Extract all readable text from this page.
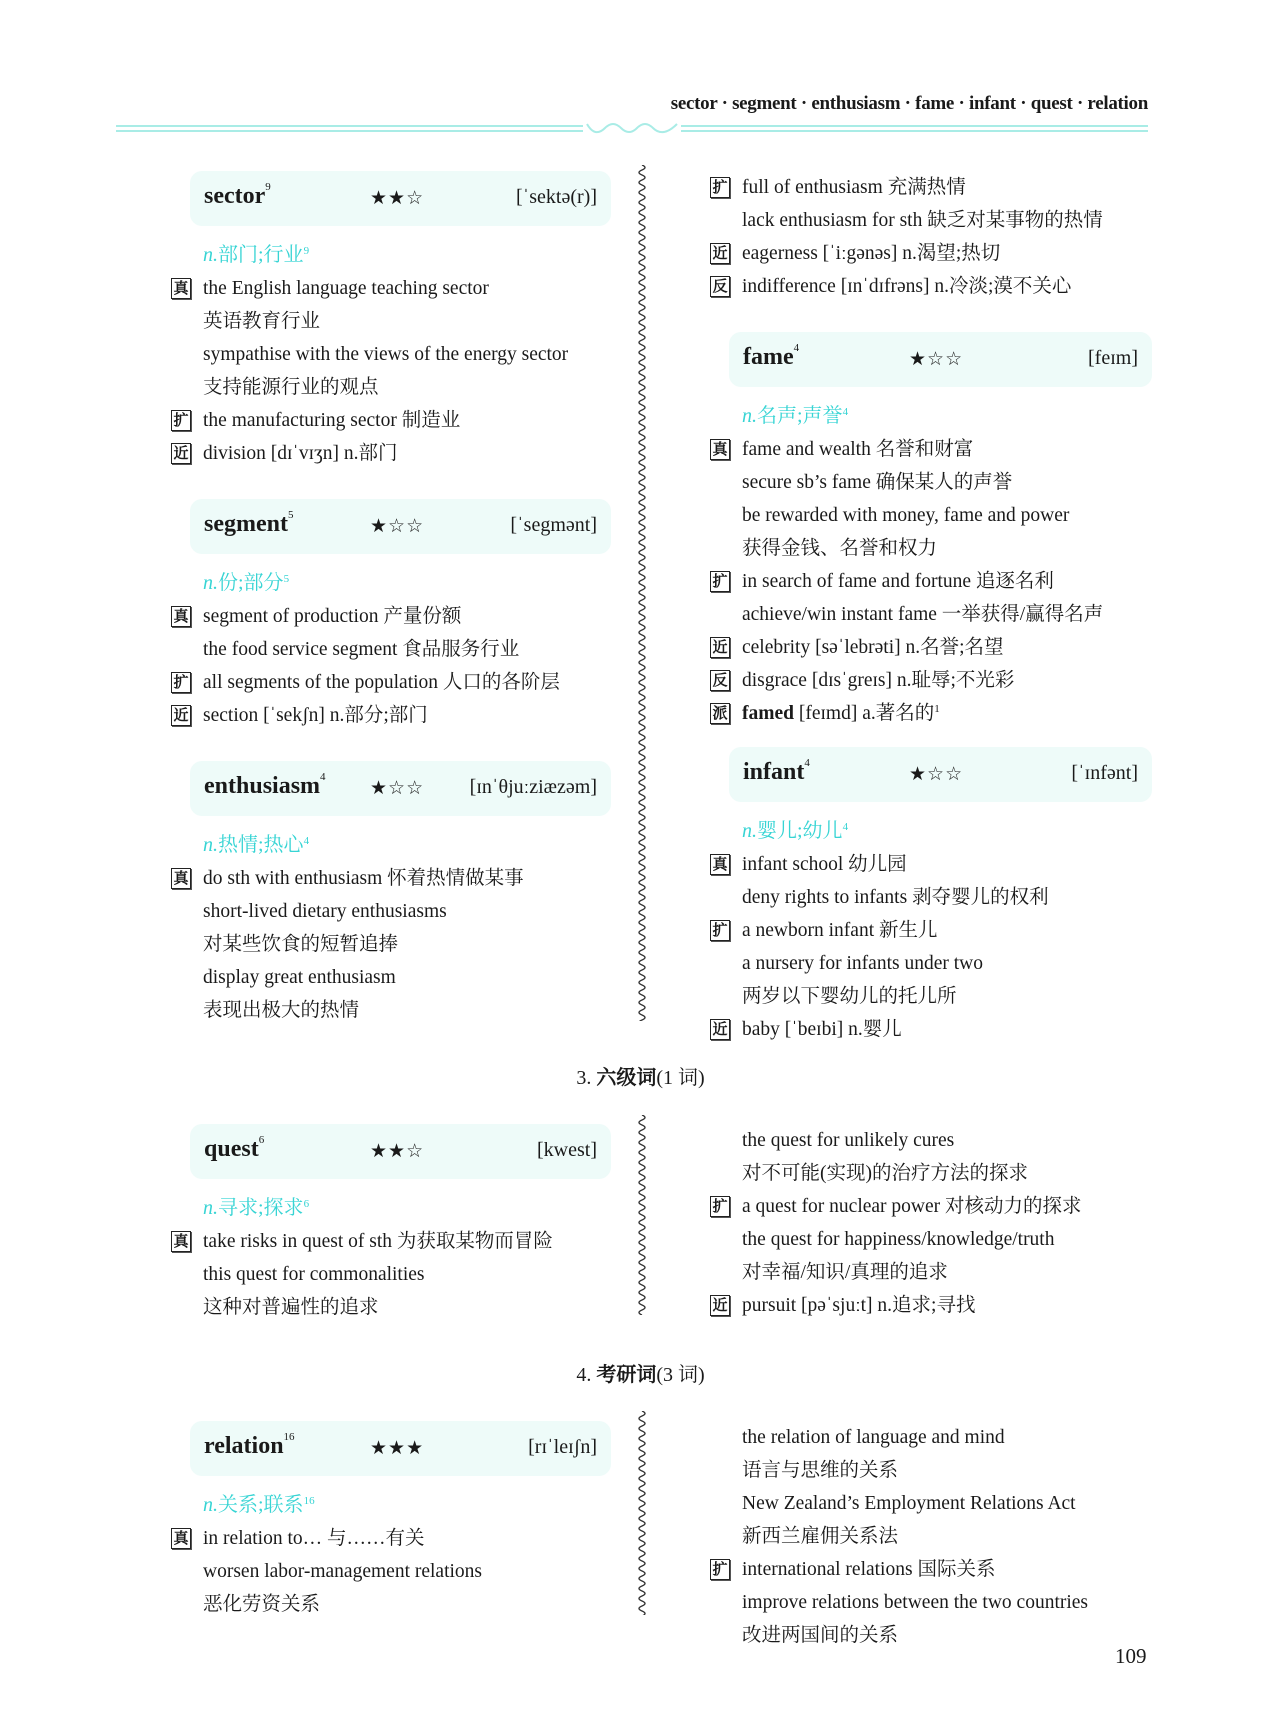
sector · segment · enthusiasm · fame · infant · quest · relation
sector$^9$	★★☆	[ˈsektə(r)]
n.部门;行业$^9$
真 the English language teaching sector
英语教育行业
sympathise with the views of the energy sector
支持能源行业的观点
扩 the manufacturing sector 制造业
近 division [dɪˈvɪʒn] n.部门
segment$^5$	★☆☆	[ˈsegmənt]
n.份;部分$^5$
真 segment of production 产量份额
the food service segment 食品服务行业
扩 all segments of the population 人口的各阶层
近 section [ˈsekʃn] n.部分;部门
enthusiasm$^4$ ★☆☆ [ɪnˈθjuːziæzəm]
n.热情;热心$^4$
真 do sth with enthusiasm 怀着热情做某事
short-lived dietary enthusiasms
对某些饮食的短暂追捧
display great enthusiasm
表现出极大的热情
扩 full of enthusiasm 充满热情
lack enthusiasm for sth 缺乏对某事物的热情
近 eagerness [ˈiːgənəs] n.渴望;热切
反 indifference [ɪnˈdɪfrəns] n.冷淡;漠不关心
fame$^4$	★☆☆	[feɪm]
n.名声;声誉$^4$
真 fame and wealth 名誉和财富
secure sb’s fame 确保某人的声誉
be rewarded with money, fame and power
获得金钱、名誉和权力
扩 in search of fame and fortune 追逐名利
achieve/win instant fame 一举获得/赢得名声
近 celebrity [səˈlebrəti] n.名誉;名望
反 disgrace [dɪsˈgreɪs] n.耻辱;不光彩
派 famed [feɪmd] a.著名的$^1$
infant$^4$	★☆☆	[ˈɪnfənt]
n.婴儿;幼儿$^4$
真 infant school 幼儿园
deny rights to infants 剥夺婴儿的权利
扩 a newborn infant 新生儿
a nursery for infants under two
两岁以下婴幼儿的托儿所
近 baby [ˈbeɪbi] n.婴儿
3. 六级词(1 词)
quest$^6$	★★☆	[kwest]
n.寻求;探求$^6$
真 take risks in quest of sth 为获取某物而冒险
this quest for commonalities
这种对普遍性的追求
the quest for unlikely cures
对不可能(实现)的治疗方法的探求
扩 a quest for nuclear power 对核动力的探求
the quest for happiness/knowledge/truth
对幸福/知识/真理的追求
近 pursuit [pəˈsjuːt] n.追求;寻找
4. 考研词(3 词)
relation$^{16}$	★★★	[rɪˈleɪʃn]
n.关系;联系$^{16}$
真 in relation to… 与……有关
worsen labor-management relations
恶化劳资关系
the relation of language and mind
语言与思维的关系
New Zealand’s Employment Relations Act
新西兰雇佣关系法
扩 international relations 国际关系
improve relations between the two countries
改进两国间的关系
109
